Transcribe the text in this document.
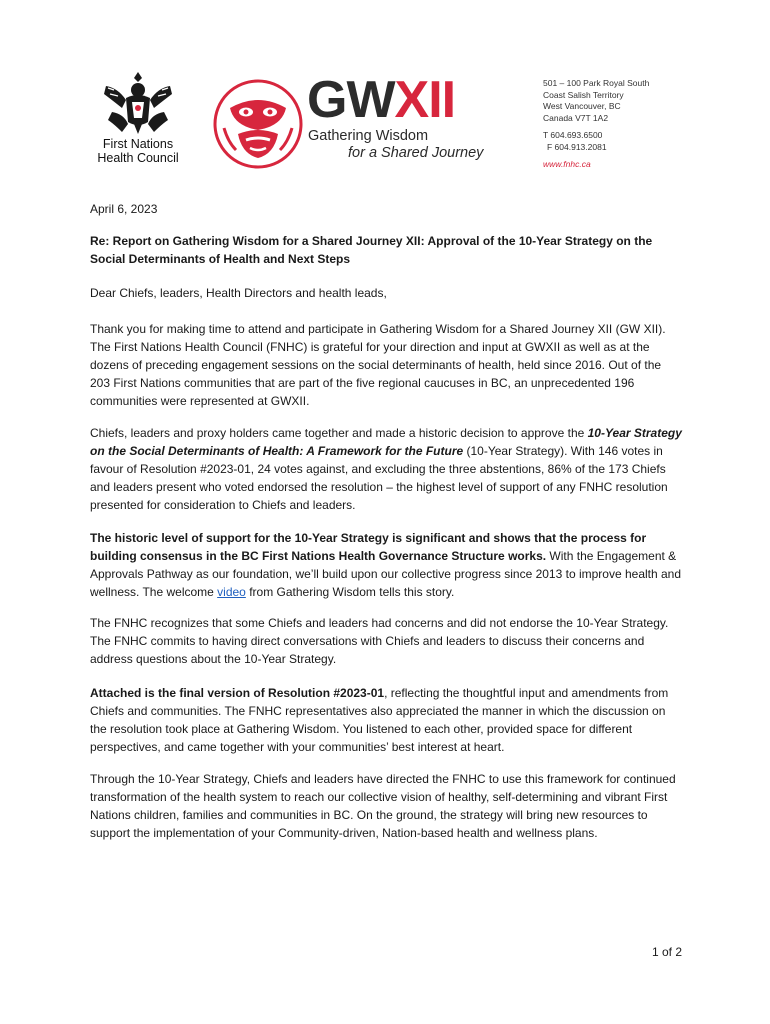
First Nations
Health Council
GWXII
Gathering Wisdom
for a Shared Journey
501 – 100 Park Royal South
Coast Salish Territory
West Vancouver, BC
Canada V7T 1A2
T 604.693.6500
F 604.913.2081
www.fnhc.ca
April 6, 2023
Re: Report on Gathering Wisdom for a Shared Journey XII: Approval of the 10-Year Strategy on the Social Determinants of Health and Next Steps
Dear Chiefs, leaders, Health Directors and health leads,
Thank you for making time to attend and participate in Gathering Wisdom for a Shared Journey XII (GW XII). The First Nations Health Council (FNHC) is grateful for your direction and input at GWXII as well as at the dozens of preceding engagement sessions on the social determinants of health, held since 2016. Out of the 203 First Nations communities that are part of the five regional caucuses in BC, an unprecedented 196 communities were represented at GWXII.
Chiefs, leaders and proxy holders came together and made a historic decision to approve the 10-Year Strategy on the Social Determinants of Health: A Framework for the Future (10-Year Strategy). With 146 votes in favour of Resolution #2023-01, 24 votes against, and excluding the three abstentions, 86% of the 173 Chiefs and leaders present who voted endorsed the resolution – the highest level of support of any FNHC resolution presented for consideration to Chiefs and leaders.
The historic level of support for the 10-Year Strategy is significant and shows that the process for building consensus in the BC First Nations Health Governance Structure works. With the Engagement & Approvals Pathway as our foundation, we’ll build upon our collective progress since 2013 to improve health and wellness. The welcome video from Gathering Wisdom tells this story.
The FNHC recognizes that some Chiefs and leaders had concerns and did not endorse the 10-Year Strategy. The FNHC commits to having direct conversations with Chiefs and leaders to discuss their concerns and address questions about the 10-Year Strategy.
Attached is the final version of Resolution #2023-01, reflecting the thoughtful input and amendments from Chiefs and communities. The FNHC representatives also appreciated the manner in which the discussion on the resolution took place at Gathering Wisdom. You listened to each other, provided space for different perspectives, and came together with your communities’ best interest at heart.
Through the 10-Year Strategy, Chiefs and leaders have directed the FNHC to use this framework for continued transformation of the health system to reach our collective vision of healthy, self-determining and vibrant First Nations children, families and communities in BC. On the ground, the strategy will bring new resources to support the implementation of your Community-driven, Nation-based health and wellness plans.
1 of 2
